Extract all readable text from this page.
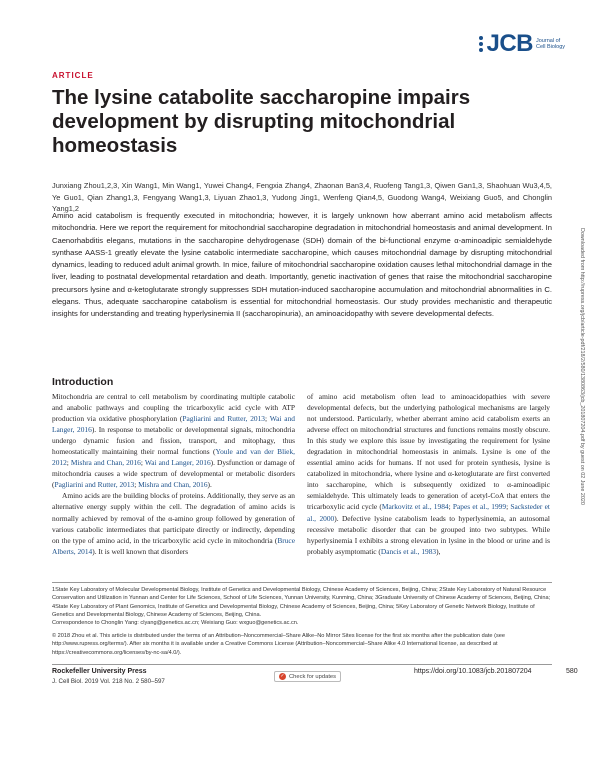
JCB Journal of Cell Biology
ARTICLE
The lysine catabolite saccharopine impairs development by disrupting mitochondrial homeostasis
Junxiang Zhou1,2,3, Xin Wang1, Min Wang1, Yuwei Chang4, Fengxia Zhang4, Zhaonan Ban3,4, Ruofeng Tang1,3, Qiwen Gan1,3, Shaohuan Wu3,4,5, Ye Guo1, Qian Zhang1,3, Fengyang Wang1,3, Liyuan Zhao1,3, Yudong Jing1, Wenfeng Qian4,5, Guodong Wang4, Weixiang Guo5, and Chonglin Yang1,2
Amino acid catabolism is frequently executed in mitochondria; however, it is largely unknown how aberrant amino acid metabolism affects mitochondria. Here we report the requirement for mitochondrial saccharopine degradation in mitochondrial homeostasis and animal development. In Caenorhabditis elegans, mutations in the saccharopine dehydrogenase (SDH) domain of the bi-functional enzyme α-aminoadipic semialdehyde synthase AASS-1 greatly elevate the lysine catabolic intermediate saccharopine, which causes mitochondrial damage by disrupting mitochondrial dynamics, leading to reduced adult animal growth. In mice, failure of mitochondrial saccharopine oxidation causes lethal mitochondrial damage in the liver, leading to postnatal developmental retardation and death. Importantly, genetic inactivation of genes that raise the mitochondrial saccharopine precursors lysine and α-ketoglutarate strongly suppresses SDH mutation-induced saccharopine accumulation and mitochondrial abnormalities in C. elegans. Thus, adequate saccharopine catabolism is essential for mitochondrial homeostasis. Our study provides mechanistic and therapeutic insights for understanding and treating hyperlysinemia II (saccharopinuria), an aminoacidopathy with severe developmental defects.
Introduction

Mitochondria are central to cell metabolism by coordinating multiple catabolic and anabolic pathways and coupling the tricarboxylic acid cycle with ATP production via oxidative phosphorylation (Pagliarini and Rutter, 2013; Wai and Langer, 2016). In response to metabolic or developmental signals, mitochondria undergo dynamic fusion and fission, transport, and mitophagy, thus homeostatically maintaining their normal functions (Youle and van der Bliek, 2012; Mishra and Chan, 2016; Wai and Langer, 2016). Dysfunction or damage of mitochondria causes a wide spectrum of developmental or metabolic disorders (Pagliarini and Rutter, 2013; Mishra and Chan, 2016).

Amino acids are the building blocks of proteins. Additionally, they serve as an alternative energy supply within the cell. The degradation of amino acids is normally achieved by removal of the α-amino group followed by generation of various catabolic intermediates that participate directly or indirectly, depending on the type of amino acid, in the tricarboxylic acid cycle in mitochondria (Bruce Alberts, 2014). It is well known that disorders

of amino acid metabolism often lead to aminoacidopathies with severe developmental defects, but the underlying pathological mechanisms are largely not understood. Particularly, whether aberrant amino acid catabolism exerts an adverse effect on mitochondrial structures and functions remains mostly obscure. In this study we explore this issue by investigating the requirement for lysine degradation in mitochondrial homeostasis in animals. Lysine is one of the essential amino acids for humans. If not used for protein synthesis, lysine is catabolized in mitochondria, where lysine and α-ketoglutarate are first converted into saccharopine, which is subsequently oxidized to α-aminoadipic semialdehyde. This ultimately leads to generation of acetyl-CoA that enters the tricarboxylic acid cycle (Markovitz et al., 1984; Papes et al., 1999; Sacksteder et al., 2000). Defective lysine catabolism leads to hyperlysinemia, an autosomal recessive metabolic disorder that can be grouped into two subtypes. While hyperlysinemia I exhibits a strong elevation in lysine in the blood or urine and is probably asymptomatic (Dancis et al., 1983),

1State Key Laboratory of Molecular Developmental Biology, Institute of Genetics and Developmental Biology, Chinese Academy of Sciences, Beijing, China; 2State Key Laboratory of Natural Resource Conservation and Utilization in Yunnan and Center for Life Sciences, School of Life Sciences, Yunnan University, Kunming, China; 3Graduate University of Chinese Academy of Sciences, Beijing, China; 4State Key Laboratory of Plant Genomics, Institute of Genetics and Developmental Biology, Chinese Academy of Sciences, Beijing, China; 5Key Laboratory of Genetic Network Biology, Institute of Genetics and Developmental Biology, Chinese Academy of Sciences, Beijing, China.
Correspondence to Chonglin Yang: clyang@genetics.ac.cn; Weixiang Guo: wxguo@genetics.ac.cn.
© 2018 Zhou et al. This article is distributed under the terms of an Attribution–Noncommercial–Share Alike–No Mirror Sites license for the first six months after the publication date (see http://www.rupress.org/terms/). After six months it is available under a Creative Commons License (Attribution–Noncommercial–Share Alike 4.0 International license, as described at https://creativecommons.org/licenses/by-nc-sa/4.0/).
Rockefeller University Press
J. Cell Biol. 2019 Vol. 218 No. 2 580–597
✓ Check for updates
https://doi.org/10.1083/jcb.201807204	580
Downloaded from http://rupress.org/jcb/article-pdf/218/2/580/1380863/jcb_201807204.pdf by guest on 02 June 2020
